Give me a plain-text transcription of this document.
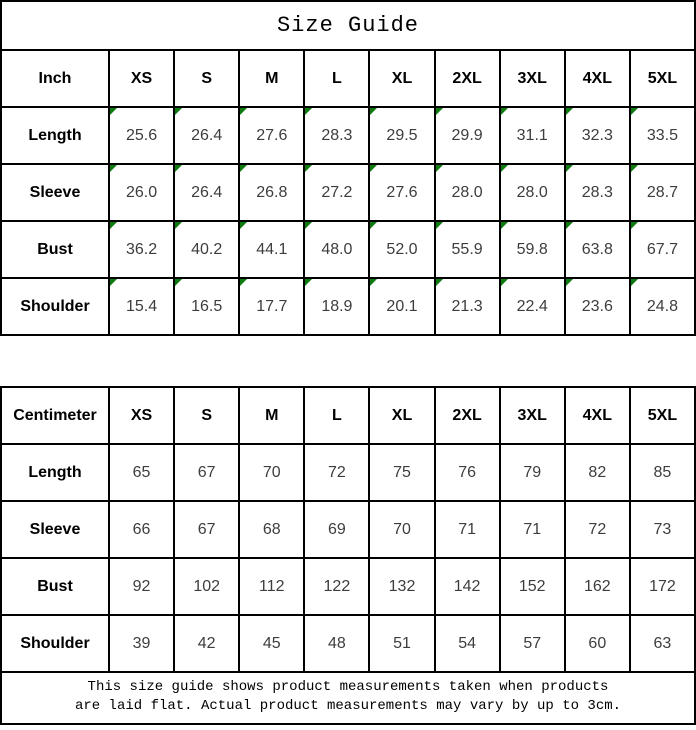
Size Guide
Inch	XS	S	M	L	XL	2XL	3XL	4XL	5XL
Length	25.6	26.4	27.6	28.3	29.5	29.9	31.1	32.3	33.5

Sleeve	26.0	26.4	26.8	27.2	27.6	28.0	28.0	28.3	28.7

Bust	36.2	40.2	44.1	48.0	52.0	55.9	59.8	63.8	67.7

Shoulder	15.4	16.5	17.7	18.9	20.1	21.3	22.4	23.6	24.8
Centimeter	XS	S	M	L	XL	2XL	3XL	4XL	5XL
Length	65	67	70	72	75	76	79	82	85
Sleeve	66	67	68	69	70	71	71	72	73
Bust	92	102	112	122	132	142	152	162	172
Shoulder	39	42	45	48	51	54	57	60	63
This size guide shows product measurements taken when products
are laid flat. Actual product measurements may vary by up to 3cm.
